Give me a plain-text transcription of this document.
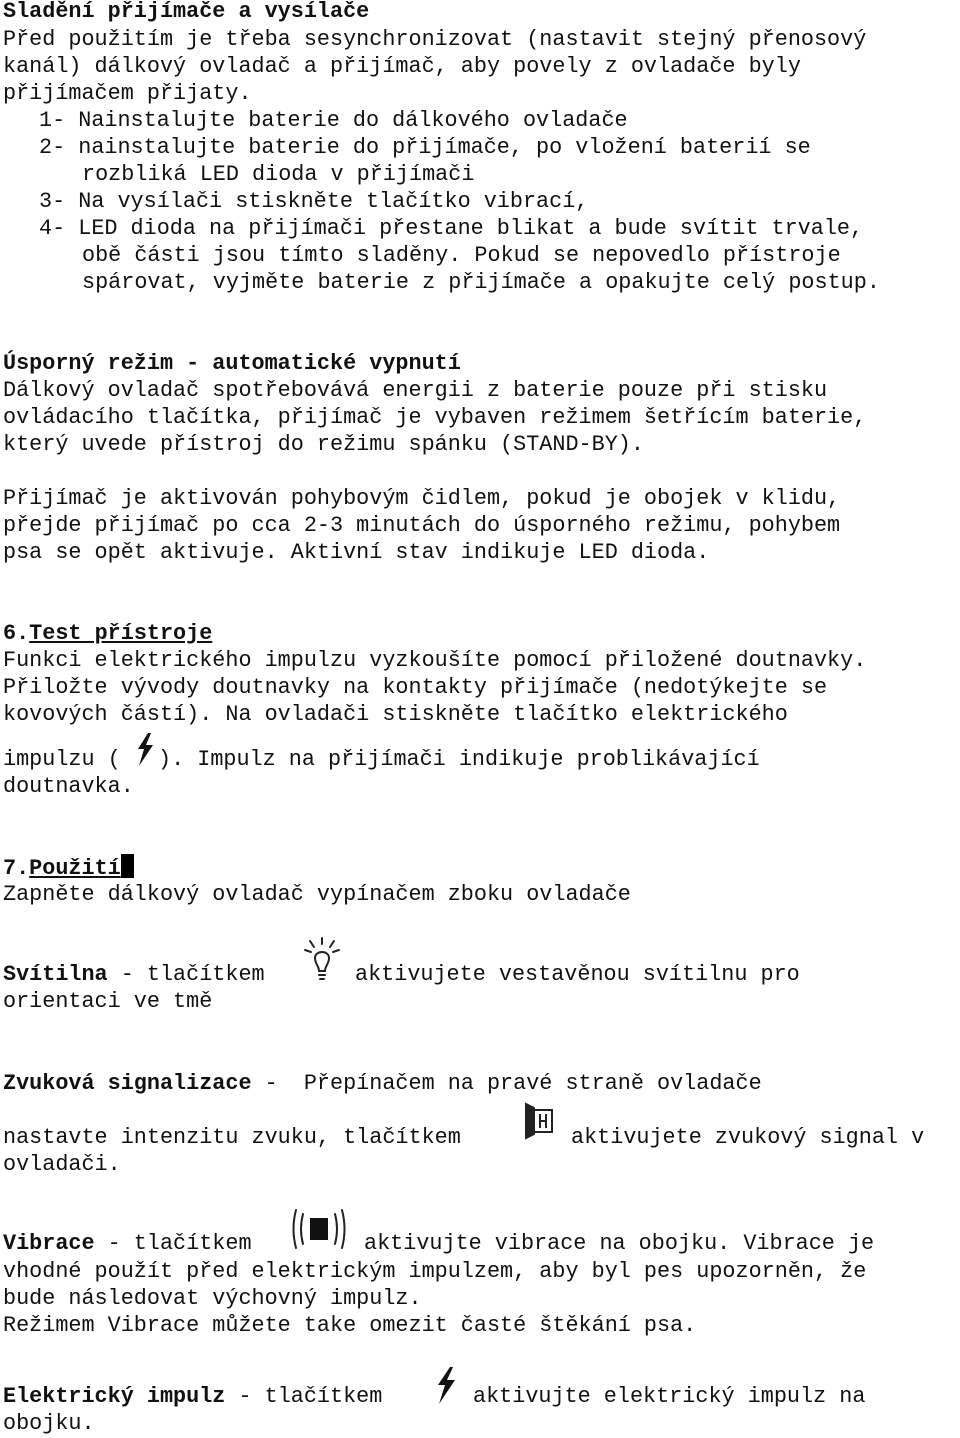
Sladění přijímače a vysílače
Před použitím je třeba sesynchronizovat (nastavit stejný přenosový
kanál) dálkový ovladač a přijímač, aby povely z ovladače byly
přijímačem přijaty.
1- Nainstalujte baterie do dálkového ovladače
2- nainstalujte baterie do přijímače, po vložení baterií se
rozbliká LED dioda v přijímači
3- Na vysílači stiskněte tlačítko vibrací,
4- LED dioda na přijímači přestane blikat a bude svítit trvale,
obě části jsou tímto sladěny. Pokud se nepovedlo přístroje
spárovat, vyjměte baterie z přijímače a opakujte celý postup.
Úsporný režim - automatické vypnutí
Dálkový ovladač spotřebovává energii z baterie pouze při stisku
ovládacího tlačítka, přijímač je vybaven režimem šetřícím baterie,
který uvede přístroj do režimu spánku (STAND-BY).
Přijímač je aktivován pohybovým čidlem, pokud je obojek v klidu,
přejde přijímač po cca 2-3 minutách do úsporného režimu, pohybem
psa se opět aktivuje. Aktivní stav indikuje LED dioda.
6.Test přístroje
Funkci elektrického impulzu vyzkoušíte pomocí přiložené doutnavky.
Přiložte vývody doutnavky na kontakty přijímače (nedotýkejte se
kovových částí). Na ovladači stiskněte tlačítko elektrického
impulzu ( ). Impulz na přijímači indikuje problikávající
doutnavka.
7.Použití
Zapněte dálkový ovladač vypínačem zboku ovladače
Svítilna - tlačítkem	aktivujete vestavěnou svítilnu pro
orientaci ve tmě
Zvuková signalizace -  Přepínačem na pravé straně ovladače
nastavte intenzitu zvuku, tlačítkem	aktivujete zvukový signal v
ovladači.
Vibrace - tlačítkem	aktivujte vibrace na obojku. Vibrace je
vhodné použít před elektrickým impulzem, aby byl pes upozorněn, že
bude následovat výchovný impulz.
Režimem Vibrace můžete take omezit časté štěkání psa.
Elektrický impulz - tlačítkem	aktivujte elektrický impulz na
obojku.
